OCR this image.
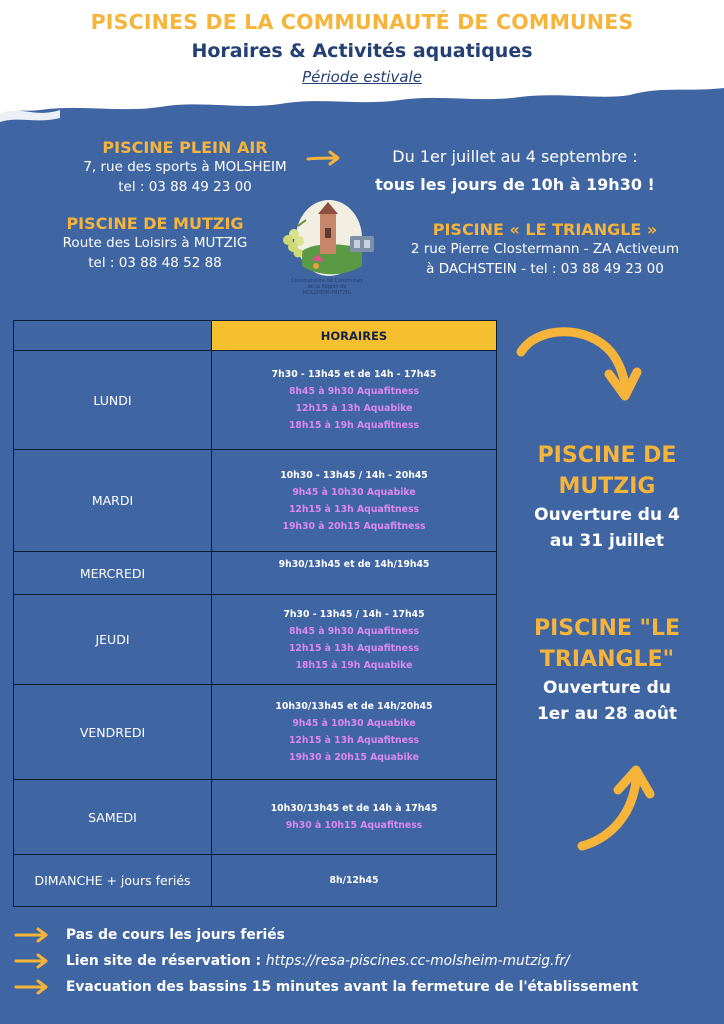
PISCINES DE LA COMMUNAUTÉ DE COMMUNES
Horaires & Activités aquatiques
Période estivale
PISCINE PLEIN AIR
7, rue des sports à MOLSHEIM
tel : 03 88 49 23 00
Du 1er juillet au 4 septembre :
tous les jours de 10h à 19h30 !
PISCINE DE MUTZIG
Route des Loisirs à MUTZIG
tel : 03 88 48 52 88
Communauté de Communes
de la Région de
MOLSHEIM-MUTZIG
PISCINE « LE TRIANGLE »
2 rue Pierre Clostermann - ZA Activeum
à DACHSTEIN - tel : 03 88 49 23 00
	HORAIRES
LUNDI	7h30 - 13h45 et de 14h - 17h45
8h45 à 9h30 Aquafitness
12h15 à 13h Aquabike
18h15 à 19h Aquafitness

MARDI	10h30 - 13h45 / 14h - 20h45
9h45 à 10h30 Aquabike
12h15 à 13h Aquafitness
19h30 à 20h15 Aquafitness

MERCREDI	9h30/13h45 et de 14h/19h45

JEUDI	7h30 - 13h45 / 14h - 17h45
8h45 à 9h30 Aquafitness
12h15 à 13h Aquafitness
18h15 à 19h Aquabike

VENDREDI	10h30/13h45 et de 14h/20h45
9h45 à 10h30 Aquabike
12h15 à 13h Aquafitness
19h30 à 20h15 Aquabike

SAMEDI	10h30/13h45 et de 14h à 17h45
9h30 à 10h15 Aquafitness

DIMANCHE + jours feriés	8h/12h45
PISCINE DE
MUTZIG
Ouverture du 4
au 31 juillet
PISCINE "LE
TRIANGLE"
Ouverture du
1er au 28 août
Pas de cours les jours feriés
Lien site de réservation :
https://resa-piscines.cc-molsheim-mutzig.fr/
Evacuation des bassins 15 minutes avant la fermeture de l'établissement
